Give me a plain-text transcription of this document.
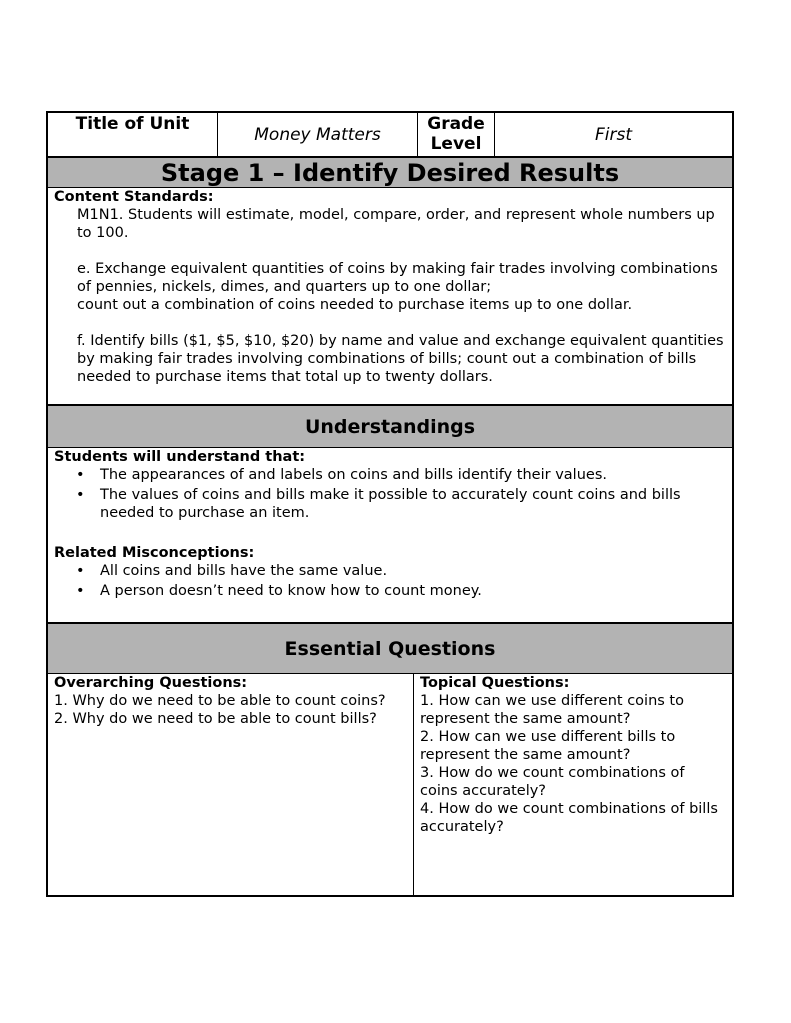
Title of Unit
Money Matters
Grade
Level	First
Stage 1 – Identify Desired Results
Content Standards:
M1N1. Students will estimate, model, compare, order, and represent whole numbers up to 100.
e. Exchange equivalent quantities of coins by making fair trades involving combinations of pennies, nickels, dimes, and quarters up to one dollar;
count out a combination of coins needed to purchase items up to one dollar.
f. Identify bills ($1, $5, $10, $20) by name and value and exchange equivalent quantities by making fair trades involving combinations of bills; count out a combination of bills needed to purchase items that total up to twenty dollars.
Understandings
Students will understand that:
• The appearances of and labels on coins and bills identify their values.
• The values of coins and bills make it possible to accurately count coins and bills needed to purchase an item.
Related Misconceptions:
• All coins and bills have the same value.
• A person doesn’t need to know how to count money.
Essential Questions
Overarching Questions:
1. Why do we need to be able to count coins?
2. Why do we need to be able to count bills?
Topical Questions:
1. How can we use different coins to represent the same amount?
2. How can we use different bills to represent the same amount?
3. How do we count combinations of coins accurately?
4. How do we count combinations of bills accurately?
